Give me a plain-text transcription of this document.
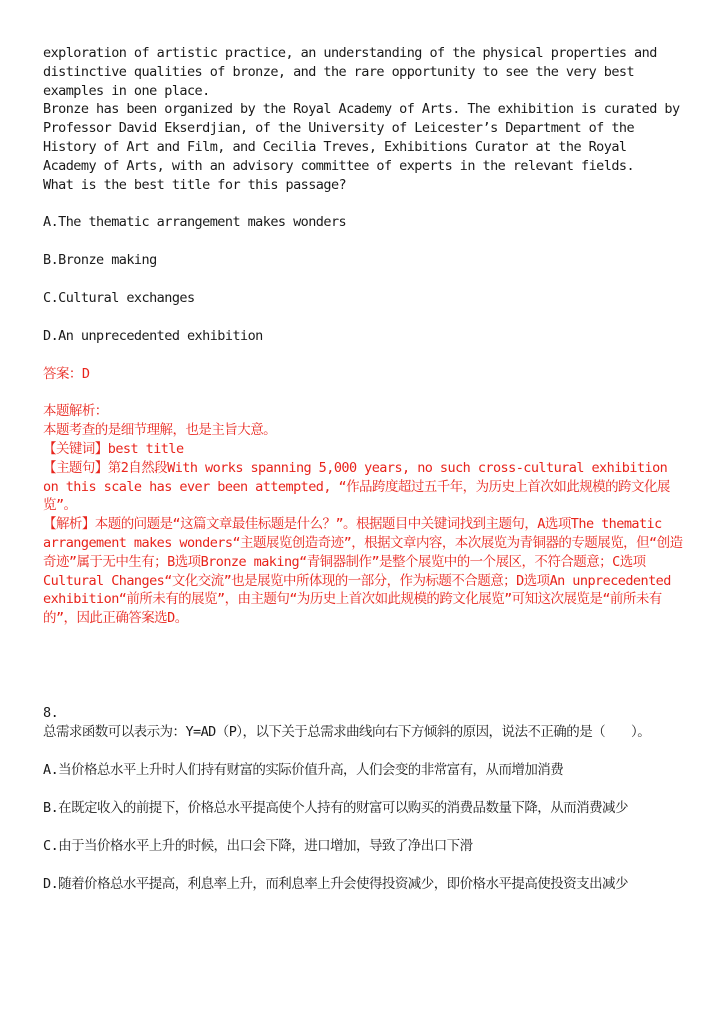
exploration of artistic practice, an understanding of the physical properties and distinctive qualities of bronze, and the rare opportunity to see the very best examples in one place.

Bronze has been organized by the Royal Academy of Arts. The exhibition is curated by Professor David Ekserdjian, of the University of Leicester’s Department of the History of Art and Film, and Cecilia Treves, Exhibitions Curator at the Royal Academy of Arts, with an advisory committee of experts in the relevant fields.

What is the best title for this passage?

A.The thematic arrangement makes wonders

B.Bronze making

C.Cultural exchanges

D.An unprecedented exhibition

答案：D

本题解析：

本题考查的是细节理解，也是主旨大意。

【关键词】best title

【主题句】第2自然段With works spanning 5,000 years, no such cross-cultural exhibition on this scale has ever been attempted, “作品跨度超过五千年，为历史上首次如此规模的跨文化展览”。

【解析】本题的问题是“这篇文章最佳标题是什么？”。根据题目中关键词找到主题句，A选项The thematic arrangement makes wonders“主题展览创造奇迹”，根据文章内容，本次展览为青铜器的专题展览，但“创造奇迹”属于无中生有；B选项Bronze making“青铜器制作”是整个展览中的一个展区，不符合题意；C选项Cultural Changes“文化交流”也是展览中所体现的一部分，作为标题不合题意；D选项An unprecedented exhibition“前所未有的展览”，由主题句“为历史上首次如此规模的跨文化展览”可知这次展览是“前所未有的”，因此正确答案选D。

8.

总需求函数可以表示为：Y=AD（P），以下关于总需求曲线向右下方倾斜的原因，说法不正确的是（　　）。

A.当价格总水平上升时人们持有财富的实际价值升高，人们会变的非常富有，从而增加消费

B.在既定收入的前提下，价格总水平提高使个人持有的财富可以购买的消费品数量下降，从而消费减少

C.由于当价格水平上升的时候，出口会下降，进口增加，导致了净出口下滑

D.随着价格总水平提高，利息率上升，而利息率上升会使得投资减少，即价格水平提高使投资支出减少
